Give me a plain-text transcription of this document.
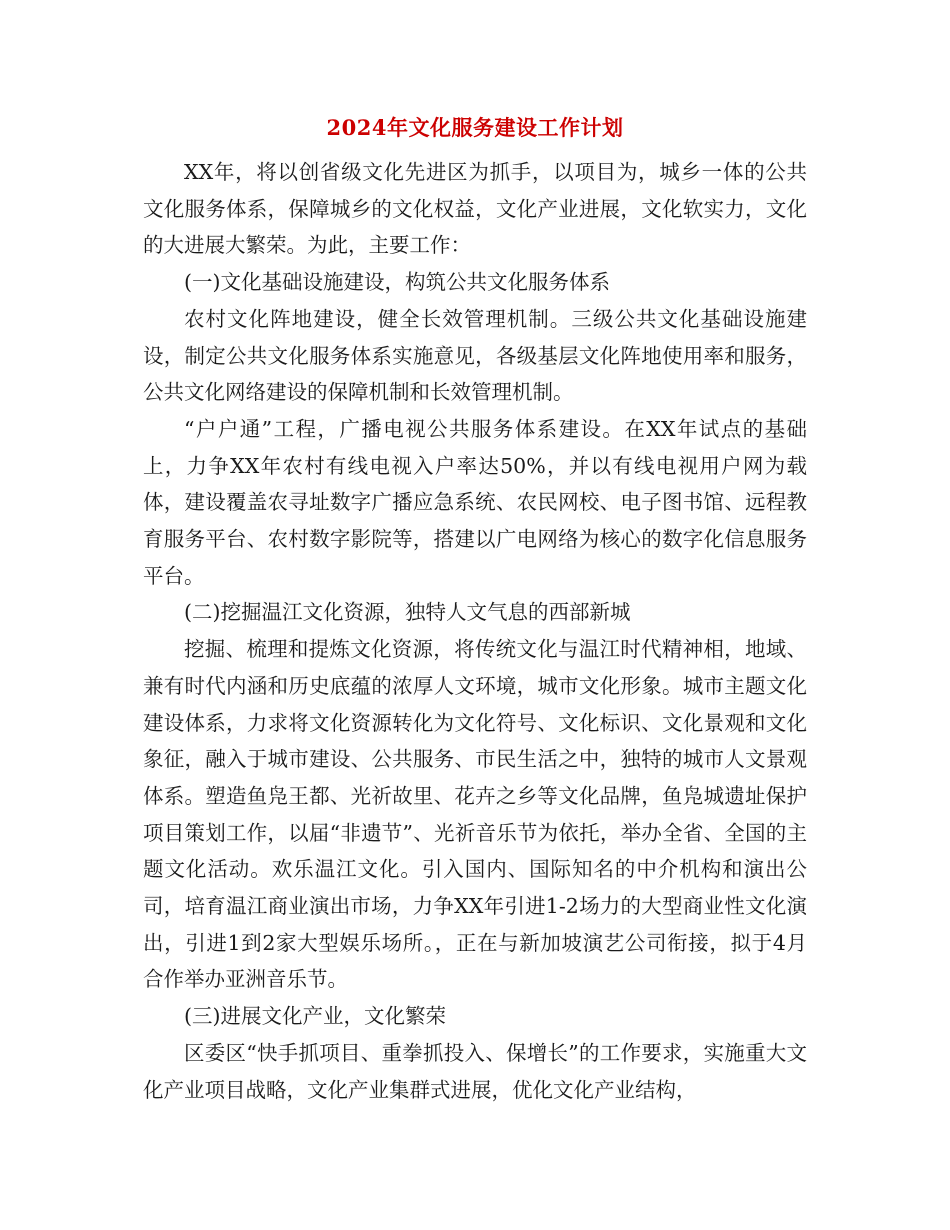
2024年文化服务建设工作计划

XX年，将以创省级文化先进区为抓手，以项目为，城乡一体的公共文化服务体系，保障城乡的文化权益，文化产业进展，文化软实力，文化的大进展大繁荣。为此，主要工作：

(一)文化基础设施建设，构筑公共文化服务体系

农村文化阵地建设，健全长效管理机制。三级公共文化基础设施建设，制定公共文化服务体系实施意见，各级基层文化阵地使用率和服务，公共文化网络建设的保障机制和长效管理机制。

“户户通”工程，广播电视公共服务体系建设。在XX年试点的基础上，力争XX年农村有线电视入户率达50%，并以有线电视用户网为载体，建设覆盖农寻址数字广播应急系统、农民网校、电子图书馆、远程教育服务平台、农村数字影院等，搭建以广电网络为核心的数字化信息服务平台。

(二)挖掘温江文化资源，独特人文气息的西部新城

挖掘、梳理和提炼文化资源，将传统文化与温江时代精神相，地域、兼有时代内涵和历史底蕴的浓厚人文环境，城市文化形象。城市主题文化建设体系，力求将文化资源转化为文化符号、文化标识、文化景观和文化象征，融入于城市建设、公共服务、市民生活之中，独特的城市人文景观体系。塑造鱼凫王都、光祈故里、花卉之乡等文化品牌，鱼凫城遗址保护项目策划工作，以届“非遗节”、光祈音乐节为依托，举办全省、全国的主题文化活动。欢乐温江文化。引入国内、国际知名的中介机构和演出公司，培育温江商业演出市场，力争XX年引进1-2场力的大型商业性文化演出，引进1到2家大型娱乐场所。，正在与新加坡演艺公司衔接，拟于4月合作举办亚洲音乐节。

(三)进展文化产业，文化繁荣

区委区“快手抓项目、重拳抓投入、保增长”的工作要求，实施重大文化产业项目战略，文化产业集群式进展，优化文化产业结构，
